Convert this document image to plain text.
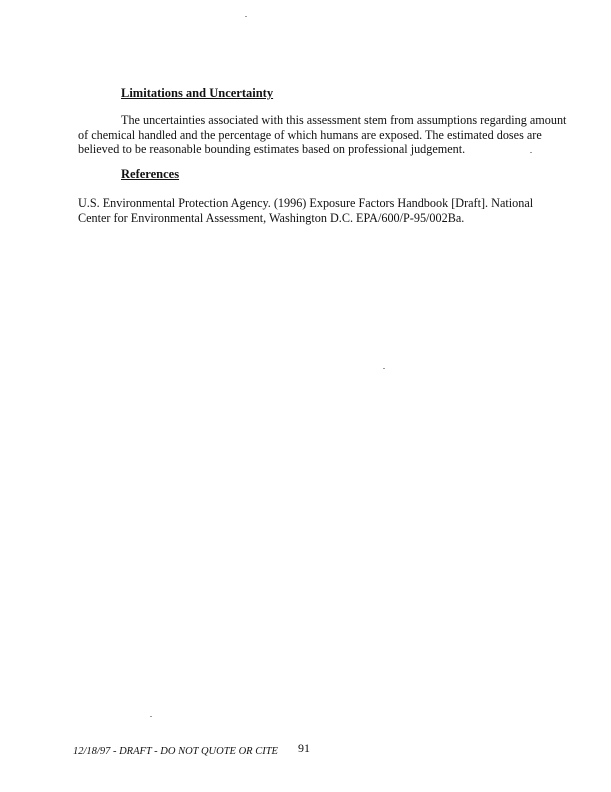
Limitations and Uncertainty
The uncertainties associated with this assessment stem from assumptions regarding amount
of chemical handled and the percentage of which humans are exposed. The estimated doses are
believed to be reasonable bounding estimates based on professional judgement.
References
U.S. Environmental Protection Agency. (1996) Exposure Factors Handbook [Draft]. National
Center for Environmental Assessment, Washington D.C. EPA/600/P-95/002Ba.
12/18/97 - DRAFT - DO NOT QUOTE OR CITE 91
